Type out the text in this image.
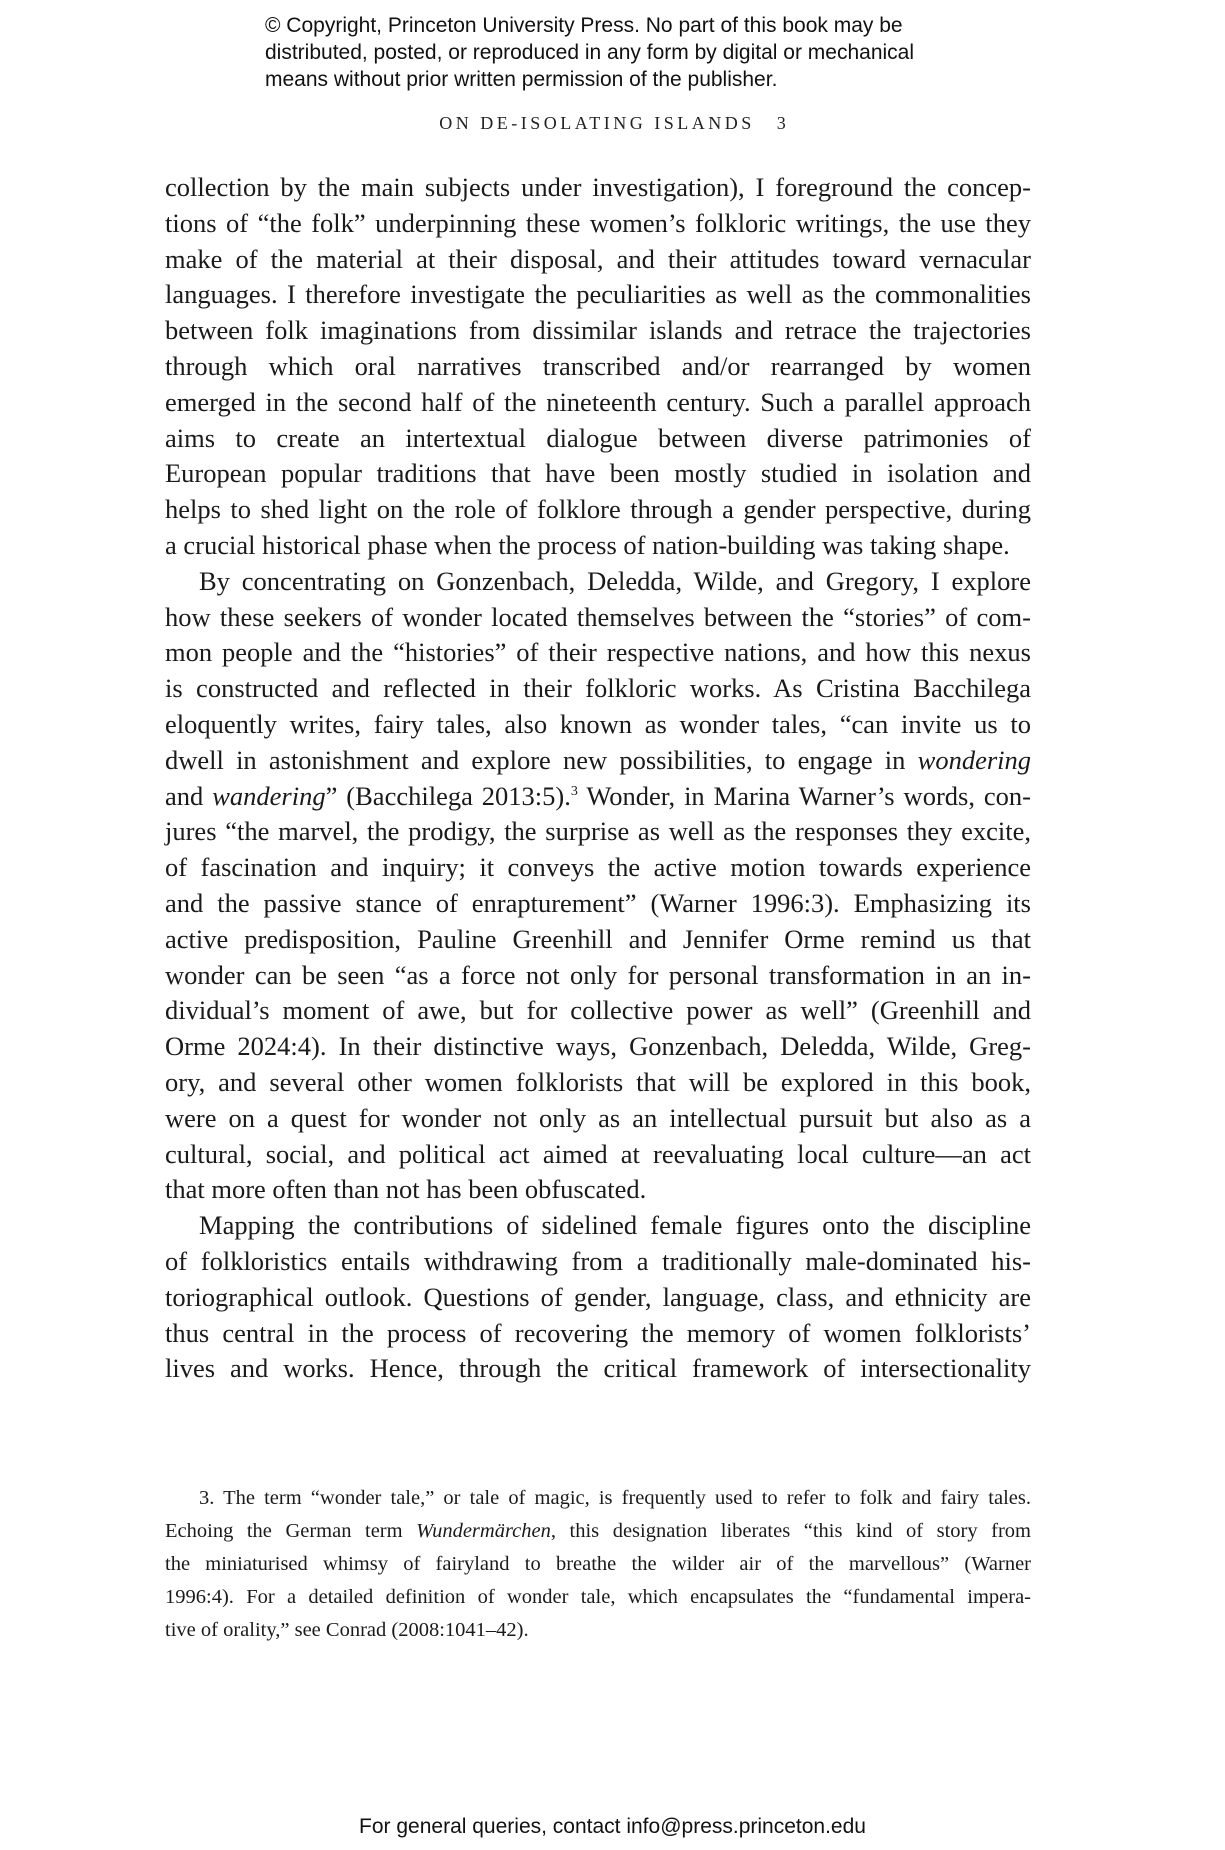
© Copyright, Princeton University Press. No part of this book may be

distributed, posted, or reproduced in any form by digital or mechanical

means without prior written permission of the publisher.

ON DE-ISOLATING ISLANDS 3
collection by the main subjects under investigation), I foreground the concep-
tions of “the folk” underpinning these women’s folkloric writings, the use they
make of the material at their disposal, and their attitudes toward vernacular
languages. I therefore investigate the peculiarities as well as the commonalities
between folk imaginations from dissimilar islands and retrace the trajectories
through which oral narratives transcribed and/or rearranged by women
emerged in the second half of the nineteenth century. Such a parallel approach
aims to create an intertextual dialogue between diverse patrimonies of
European popular traditions that have been mostly studied in isolation and
helps to shed light on the role of folklore through a gender perspective, during
a crucial historical phase when the process of nation-building was taking shape.
By concentrating on Gonzenbach, Deledda, Wilde, and Gregory, I explore
how these seekers of wonder located themselves between the “stories” of com-
mon people and the “histories” of their respective nations, and how this nexus
is constructed and reflected in their folkloric works. As Cristina Bacchilega
eloquently writes, fairy tales, also known as wonder tales, “can invite us to
dwell in astonishment and explore new possibilities, to engage in wondering
and wandering” (Bacchilega 2013:5).$^3$ Wonder, in Marina Warner’s words, con-
jures “the marvel, the prodigy, the surprise as well as the responses they excite,
of fascination and inquiry; it conveys the active motion towards experience
and the passive stance of enrapturement” (Warner 1996:3). Emphasizing its
active predisposition, Pauline Greenhill and Jennifer Orme remind us that
wonder can be seen “as a force not only for personal transformation in an in-
dividual’s moment of awe, but for collective power as well” (Greenhill and
Orme 2024:4). In their distinctive ways, Gonzenbach, Deledda, Wilde, Greg-
ory, and several other women folklorists that will be explored in this book,
were on a quest for wonder not only as an intellectual pursuit but also as a
cultural, social, and political act aimed at reevaluating local culture—an act
that more often than not has been obfuscated.
Mapping the contributions of sidelined female figures onto the discipline
of folkloristics entails withdrawing from a traditionally male-dominated his-
toriographical outlook. Questions of gender, language, class, and ethnicity are
thus central in the process of recovering the memory of women folklorists’
lives and works. Hence, through the critical framework of intersectionality
3. The term “wonder tale,” or tale of magic, is frequently used to refer to folk and fairy tales.
Echoing the German term Wundermärchen, this designation liberates “this kind of story from
the miniaturised whimsy of fairyland to breathe the wilder air of the marvellous” (Warner
1996:4). For a detailed definition of wonder tale, which encapsulates the “fundamental impera-
tive of orality,” see Conrad (2008:1041–42).
For general queries, contact info@press.princeton.edu
